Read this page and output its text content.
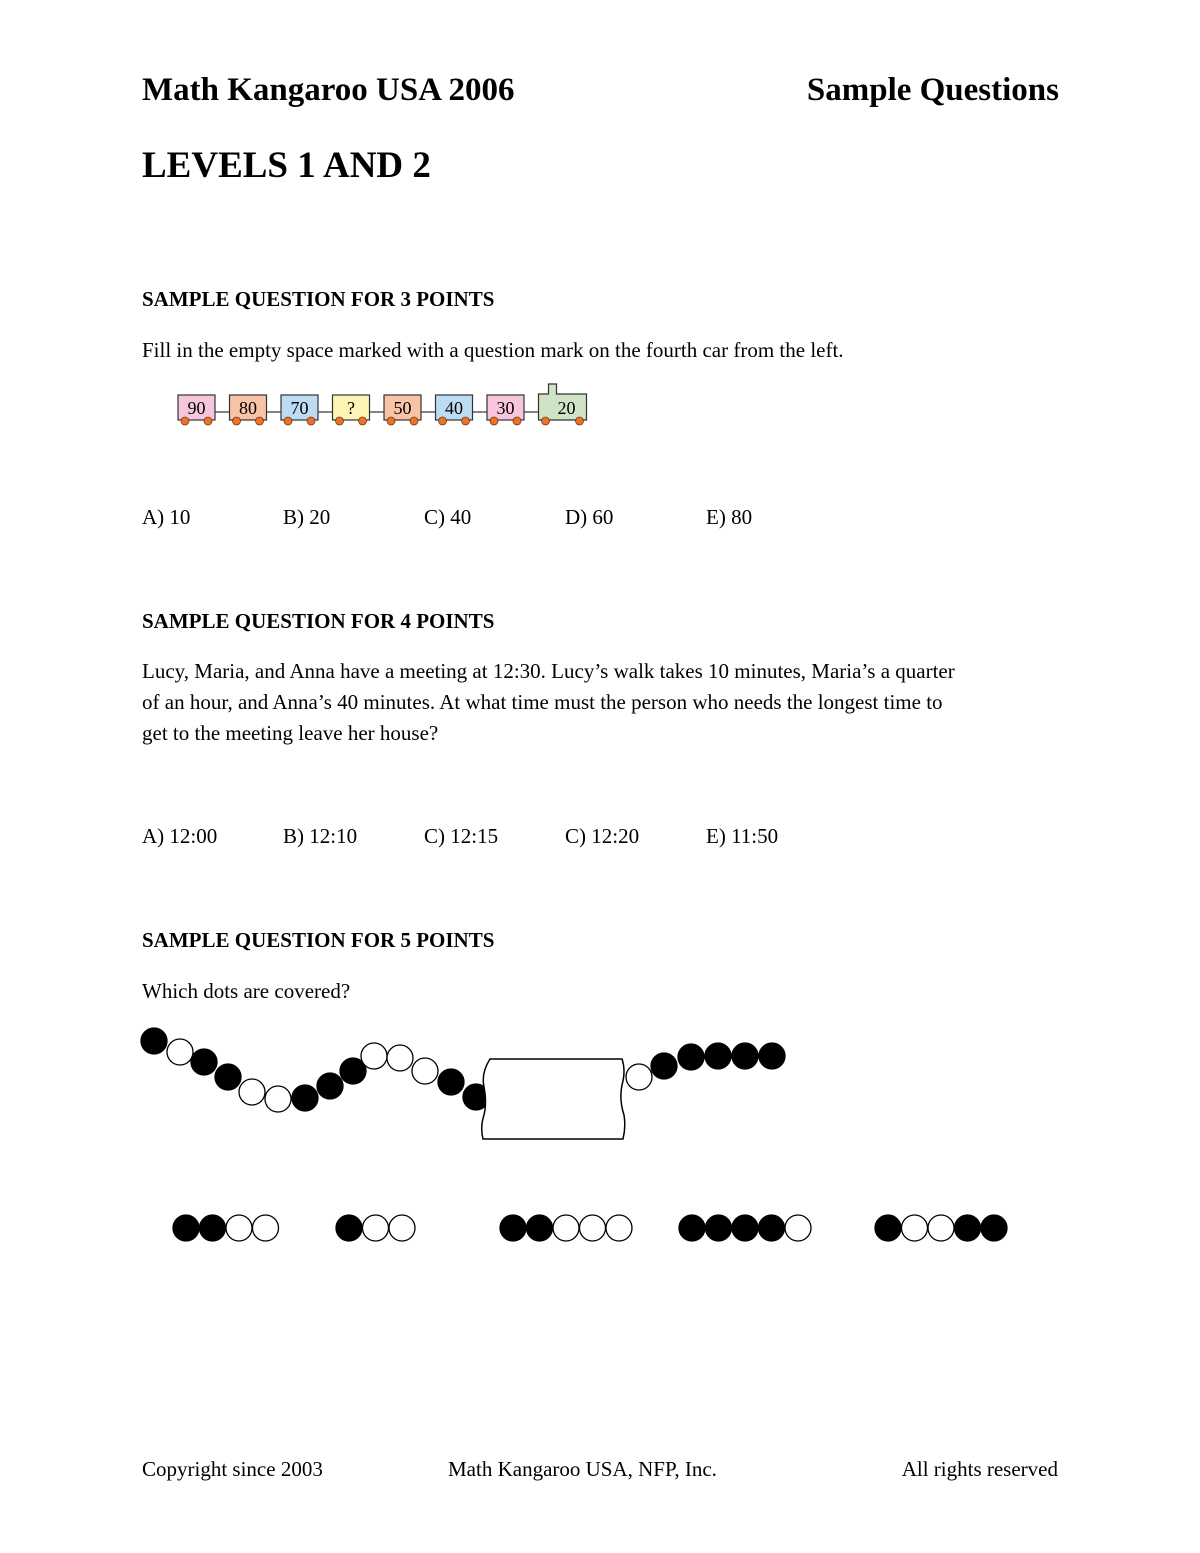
Math Kangaroo USA 2006	Sample Questions
LEVELS 1 AND 2
SAMPLE QUESTION FOR 3 POINTS
Fill in the empty space marked with a question mark on the fourth car from the left.
90 80 70 ? 50 40 30 20
A) 10	B) 20	C) 40	D) 60	E) 80
SAMPLE QUESTION FOR 4 POINTS
Lucy, Maria, and Anna have a meeting at 12:30. Lucy’s walk takes 10 minutes, Maria’s a quarter
of an hour, and Anna’s 40 minutes. At what time must the person who needs the longest time to
get to the meeting leave her house?
A) 12:00	B) 12:10	C) 12:15	C) 12:20	E) 11:50
SAMPLE QUESTION FOR 5 POINTS
Which dots are covered?
Copyright since 2003	Math Kangaroo USA, NFP, Inc.	All rights reserved
